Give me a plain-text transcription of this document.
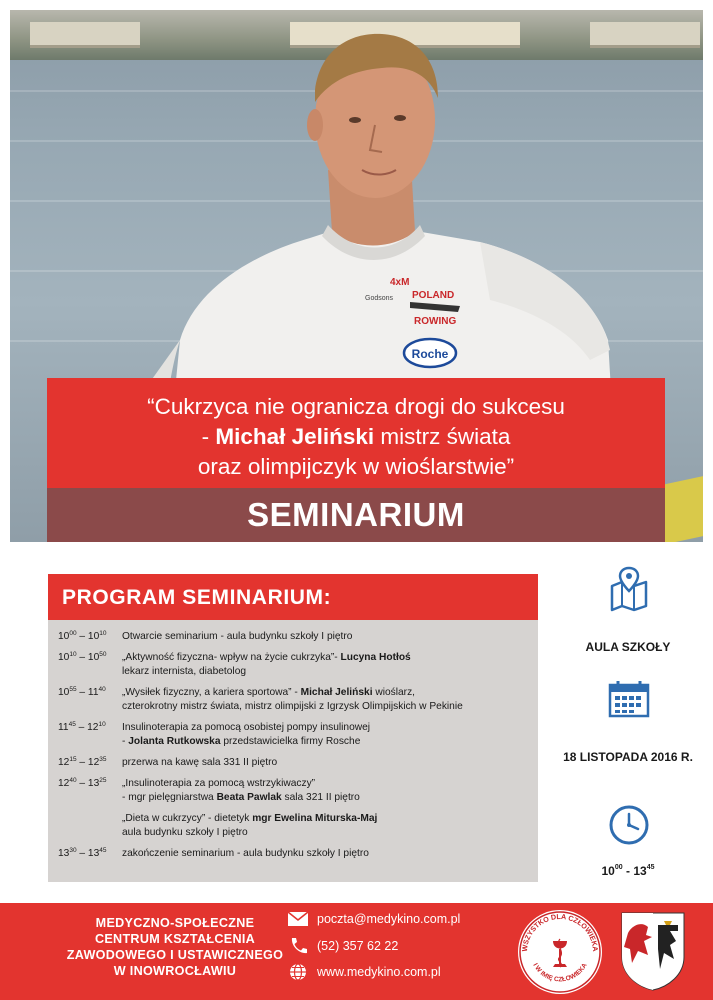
4xM
POLAND
ROWING
Godsons
Roche
“Cukrzyca nie ogranicza drogi do sukcesu
- Michał Jeliński mistrz świata
oraz olimpijczyk w wioślarstwie”
SEMINARIUM
PROGRAM SEMINARIUM:
$10^{00} - 10^{10}$	Otwarcie seminarium - aula budynku szkoły I piętro
$10^{10} - 10^{50}$	„Aktywność fizyczna- wpływ na życie cukrzyka”- Lucyna Hotłoś
lekarz internista, diabetolog
$10^{55} - 11^{40}$	„Wysiłek fizyczny, a kariera sportowa” - Michał Jeliński wioślarz,
czterokrotny mistrz świata, mistrz olimpijski z Igrzysk Olimpijskich w Pekinie
$11^{45} - 12^{10}$	Insulinoterapia za pomocą osobistej pompy insulinowej
- Jolanta Rutkowska przedstawicielka firmy Rosche
$12^{15} - 12^{35}$	przerwa na kawę sala 331 II piętro
$12^{40} - 13^{25}$	„Insulinoterapia za pomocą wstrzykiwaczy”
- mgr pielęgniarstwa Beata Pawlak sala 321 II piętro
„Dieta w cukrzycy” - dietetyk mgr Ewelina Miturska-Maj
aula budynku szkoły I piętro
$13^{30} - 13^{45}$	zakończenie seminarium - aula budynku szkoły I piętro
AULA SZKOŁY
18 LISTOPADA 2016 R.
$10^{00} - 13^{45}$
MEDYCZNO-SPOŁECZNE
CENTRUM KSZTAŁCENIA
ZAWODOWEGO I USTAWICZNEGO
W INOWROCŁAWIU
poczta@medykino.com.pl
(52) 357 62 22
www.medykino.com.pl
WSZYSTKO DLA CZŁOWIEKA
I W IMIĘ CZŁOWIEKA
